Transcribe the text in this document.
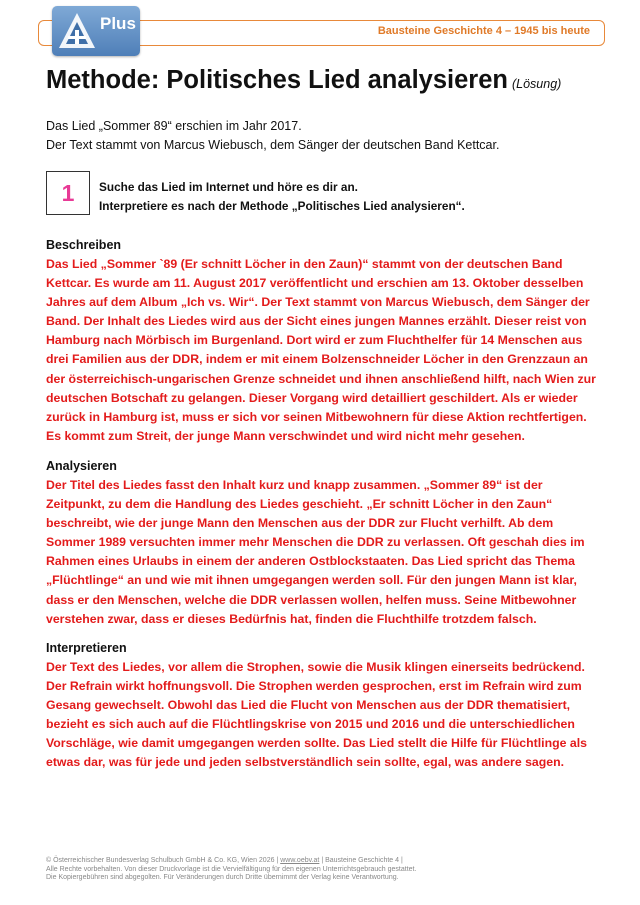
Bausteine Geschichte 4 – 1945 bis heute
Plus
Methode: Politisches Lied analysieren (Lösung)
Das Lied „Sommer 89“ erschien im Jahr 2017.
Der Text stammt von Marcus Wiebusch, dem Sänger der deutschen Band Kettcar.
1 Suche das Lied im Internet und höre es dir an.
Interpretiere es nach der Methode „Politisches Lied analysieren“.
Beschreiben

Das Lied „Sommer `89 (Er schnitt Löcher in den Zaun)“ stammt von der deutschen Band

Kettcar. Es wurde am 11. August 2017 veröffentlicht und erschien am 13. Oktober desselben

Jahres auf dem Album „Ich vs. Wir“. Der Text stammt von Marcus Wiebusch, dem Sänger der

Band. Der Inhalt des Liedes wird aus der Sicht eines jungen Mannes erzählt. Dieser reist von

Hamburg nach Mörbisch im Burgenland. Dort wird er zum Fluchthelfer für 14 Menschen aus

drei Familien aus der DDR, indem er mit einem Bolzenschneider Löcher in den Grenzzaun an

der österreichisch-ungarischen Grenze schneidet und ihnen anschließend hilft, nach Wien zur

deutschen Botschaft zu gelangen. Dieser Vorgang wird detailliert geschildert. Als er wieder

zurück in Hamburg ist, muss er sich vor seinen Mitbewohnern für diese Aktion rechtfertigen.

Es kommt zum Streit, der junge Mann verschwindet und wird nicht mehr gesehen.

Analysieren

Der Titel des Liedes fasst den Inhalt kurz und knapp zusammen. „Sommer 89“ ist der

Zeitpunkt, zu dem die Handlung des Liedes geschieht. „Er schnitt Löcher in den Zaun“

beschreibt, wie der junge Mann den Menschen aus der DDR zur Flucht verhilft. Ab dem

Sommer 1989 versuchten immer mehr Menschen die DDR zu verlassen. Oft geschah dies im

Rahmen eines Urlaubs in einem der anderen Ostblockstaaten. Das Lied spricht das Thema

„Flüchtlinge“ an und wie mit ihnen umgegangen werden soll. Für den jungen Mann ist klar,

dass er den Menschen, welche die DDR verlassen wollen, helfen muss. Seine Mitbewohner

verstehen zwar, dass er dieses Bedürfnis hat, finden die Fluchthilfe trotzdem falsch.

Interpretieren

Der Text des Liedes, vor allem die Strophen, sowie die Musik klingen einerseits bedrückend.

Der Refrain wirkt hoffnungsvoll. Die Strophen werden gesprochen, erst im Refrain wird zum

Gesang gewechselt. Obwohl das Lied die Flucht von Menschen aus der DDR thematisiert,

bezieht es sich auch auf die Flüchtlingskrise von 2015 und 2016 und die unterschiedlichen

Vorschläge, wie damit umgegangen werden sollte. Das Lied stellt die Hilfe für Flüchtlinge als

etwas dar, was für jede und jeden selbstverständlich sein sollte, egal, was andere sagen.

© Österreichischer Bundesverlag Schulbuch GmbH & Co. KG, Wien 2026 | www.oebv.at | Bausteine Geschichte 4 |
Alle Rechte vorbehalten. Von dieser Druckvorlage ist die Vervielfältigung für den eigenen Unterrichtsgebrauch gestattet.
Die Kopiergebühren sind abgegolten. Für Veränderungen durch Dritte übernimmt der Verlag keine Verantwortung.
